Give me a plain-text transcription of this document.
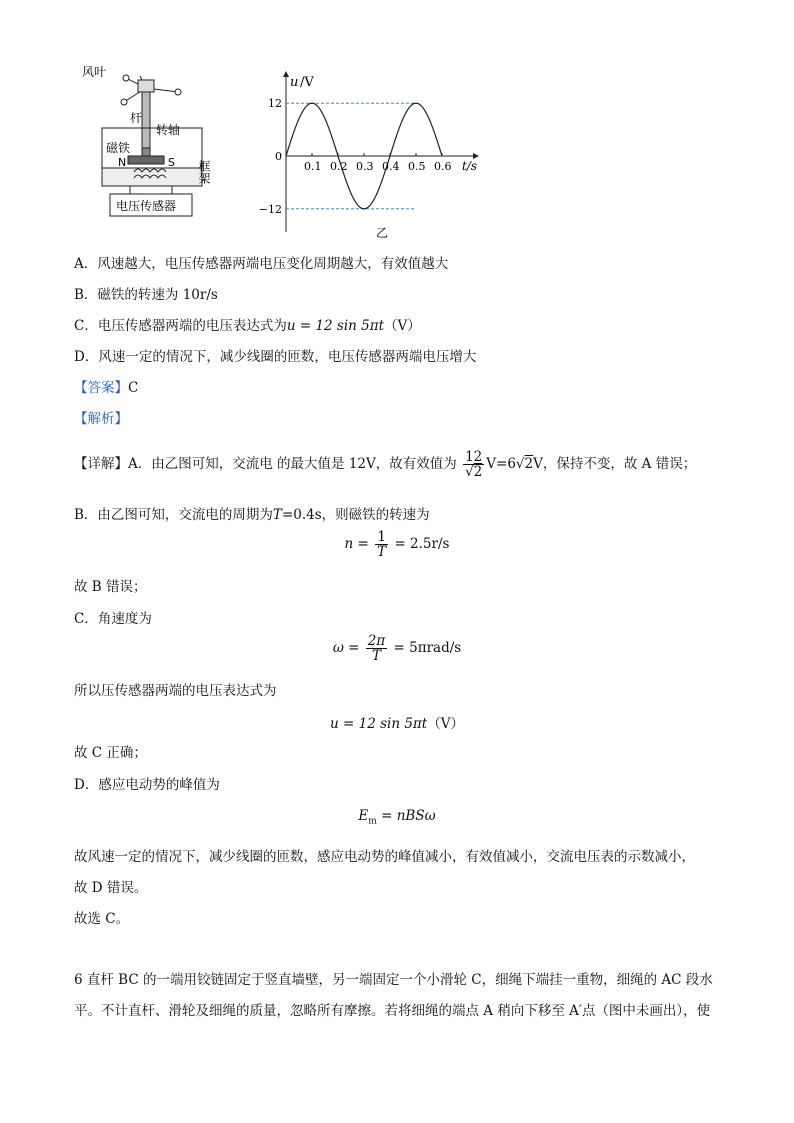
风叶
杆
转轴
磁铁
N	S 框架
电压传感器
0.1 0.2 0.3 0.4 0.5 0.6
12
0
−12
u /V
t/s
乙
A．风速越大，电压传感器两端电压变化周期越大，有效值越大
B．磁铁的转速为 10r/s
C．电压传感器两端的电压表达式为u = 12 sin 5πt（V）
D．风速一定的情况下，减少线圈的匝数，电压传感器两端电压增大
【答案】C
【解析】
【详解】A．由乙图可知，交流电 的最大值是 12V，故有效值为 $\frac{12}{√2} V=6√2V$，保持不变，故 A 错误；
B．由乙图可知，交流电的周期为T=0.4s，则磁铁的转速为
$n = \frac{1}{T} = 2.5r/s$
故 B 错误；
C．角速度为
$\omega = \frac{2\pi}{T} = 5\pi rad/s$
所以压传感器两端的电压表达式为
u = 12 sin 5πt（V）
故 C 正确；
D．感应电动势的峰值为
$E_m = nBS\omega$
故风速一定的情况下，减少线圈的匝数，感应电动势的峰值减小，有效值减小，交流电压表的示数减小，
故 D 错误。
故选 C。
6 直杆 BC 的一端用铰链固定于竖直墙壁，另一端固定一个小滑轮 C，细绳下端挂一重物，细绳的 AC 段水
平。不计直杆、滑轮及细绳的质量，忽略所有摩擦。若将细绳的端点 A 稍向下移至 A′点（图中未画出），使
